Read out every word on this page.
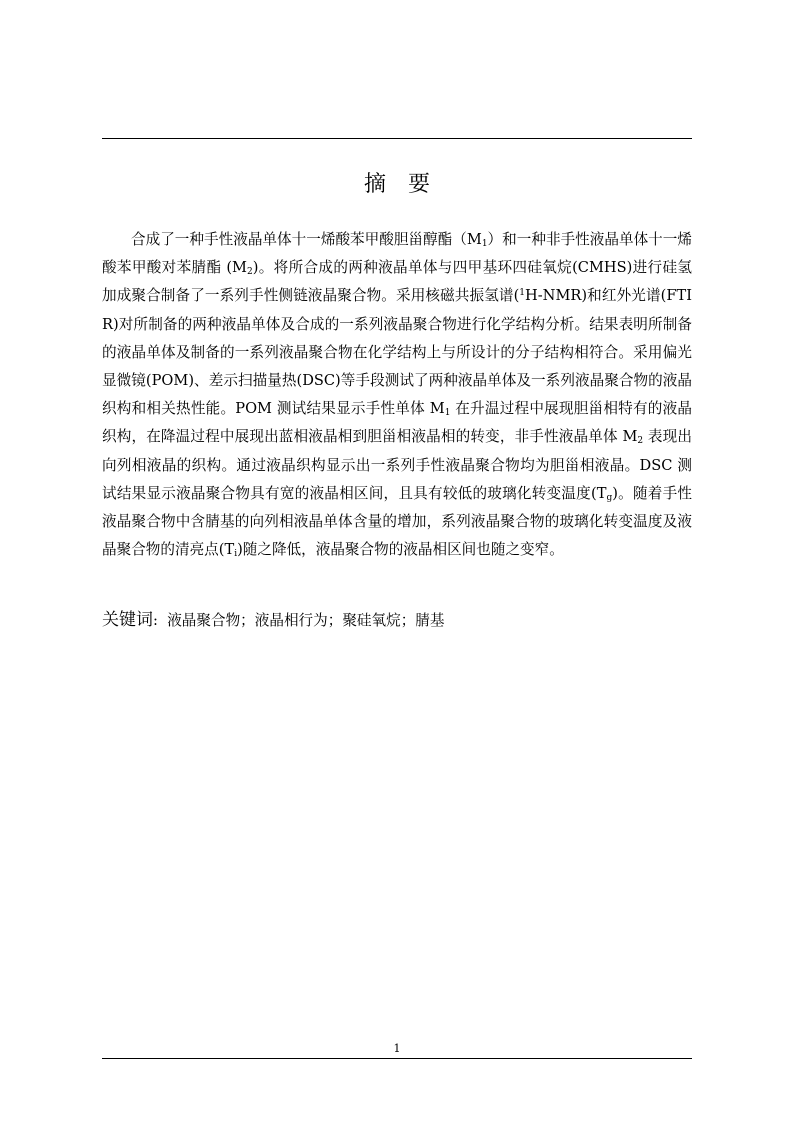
摘 要

合成了一种手性液晶单体十一烯酸苯甲酸胆甾醇酯$(M_1)$和一种非手性液晶单体十一烯酸苯甲酸对苯腈酯 $(M_2)$。将所合成的两种液晶单体与四甲基环四硅氧烷(CMHS)进行硅氢加成聚合制备了一系列手性侧链液晶聚合物。采用核磁共振氢谱($^1$H-NMR)和红外光谱(FTIR)对所制备的两种液晶单体及合成的一系列液晶聚合物进行化学结构分析。结果表明所制备的液晶单体及制备的一系列液晶聚合物在化学结构上与所设计的分子结构相符合。采用偏光显微镜(POM)、差示扫描量热(DSC)等手段测试了两种液晶单体及一系列液晶聚合物的液晶织构和相关热性能。POM 测试结果显示手性单体 $M_1$ 在升温过程中展现胆甾相特有的液晶织构，在降温过程中展现出蓝相液晶相到胆甾相液晶相的转变，非手性液晶单体 $M_2$ 表现出向列相液晶的织构。通过液晶织构显示出一系列手性液晶聚合物均为胆甾相液晶。DSC 测试结果显示液晶聚合物具有宽的液晶相区间，且具有较低的玻璃化转变温度$(T_g)$。随着手性液晶聚合物中含腈基的向列相液晶单体含量的增加，系列液晶聚合物的玻璃化转变温度及液晶聚合物的清亮点$(T_i)$随之降低，液晶聚合物的液晶相区间也随之变窄。

关键词: 液晶聚合物；液晶相行为；聚硅氧烷；腈基
1
